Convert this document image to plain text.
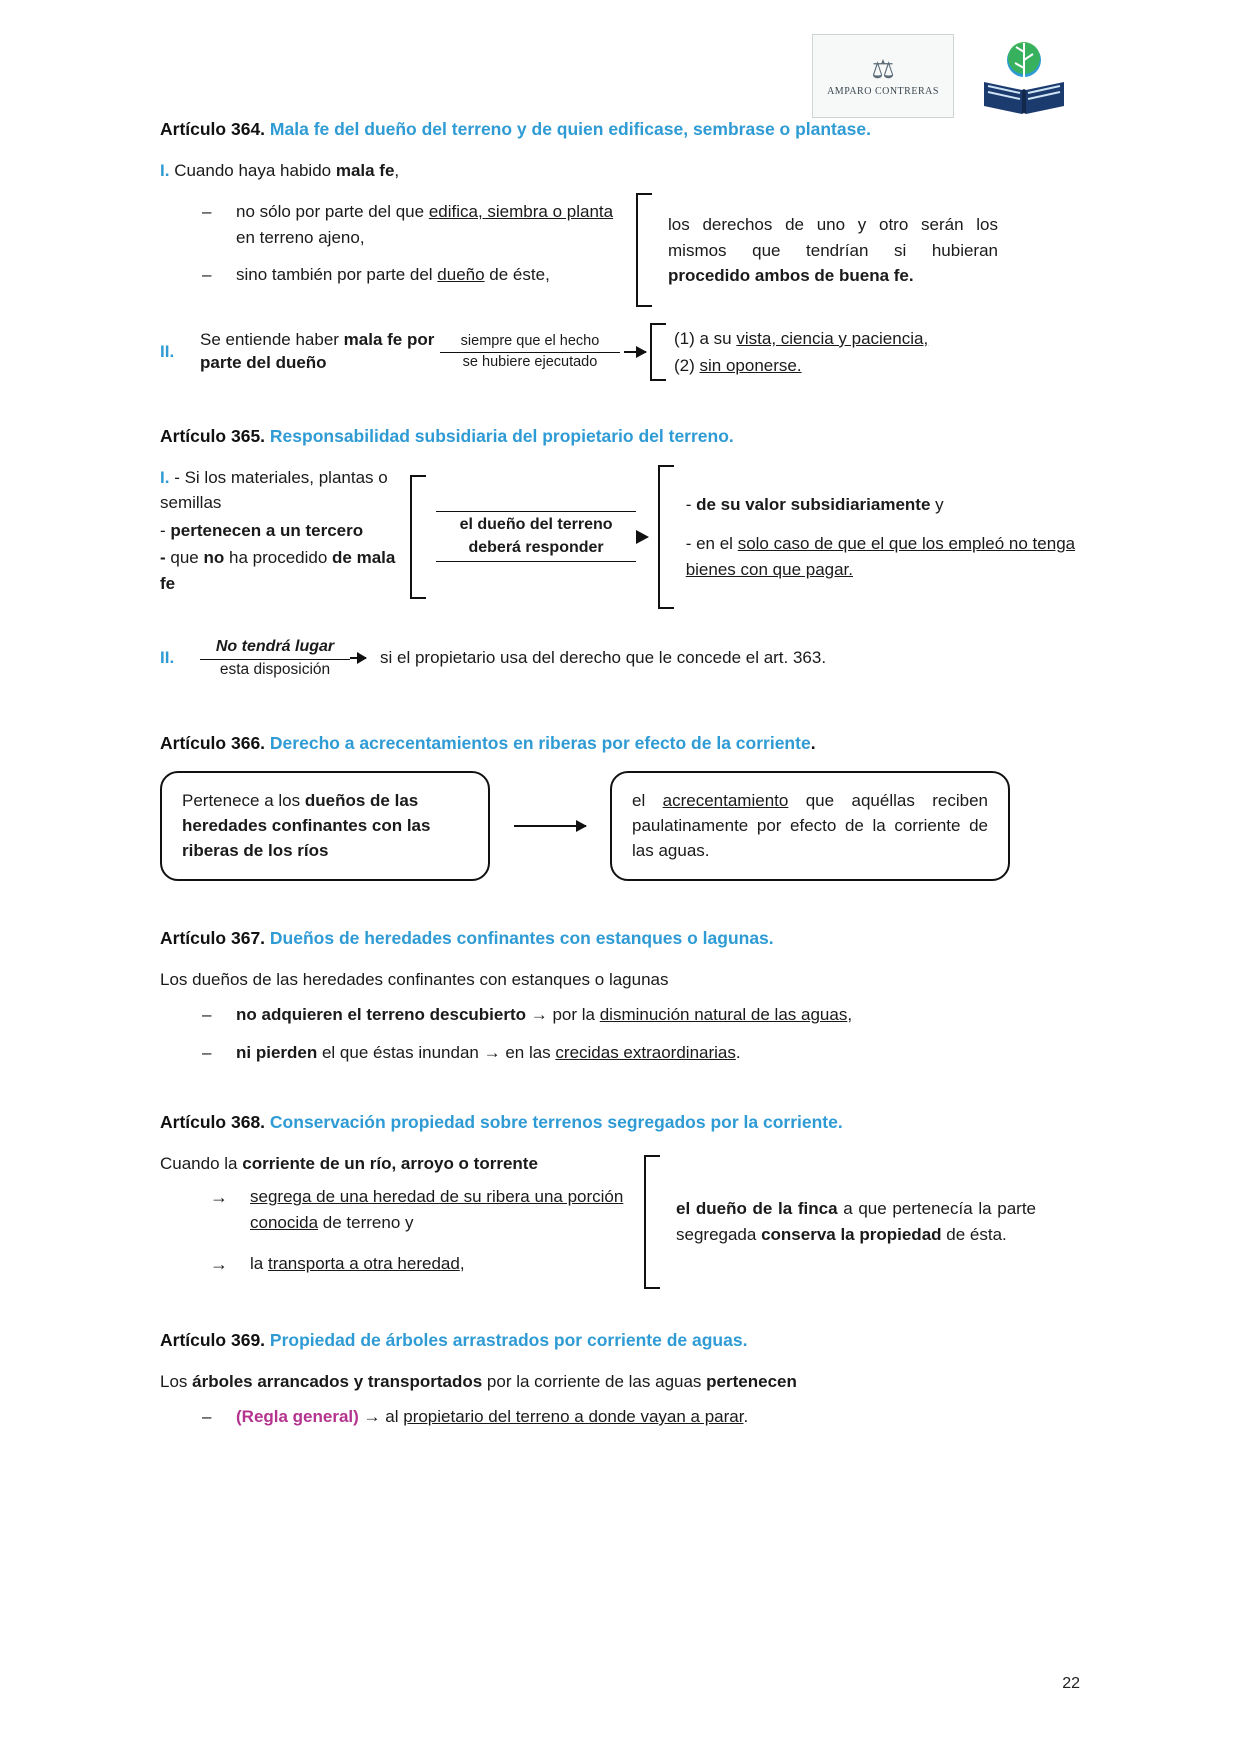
⚖
AMPARO CONTRERAS

Artículo 364. Mala fe del dueño del terreno y de quien edificase, sembrase o plantase.

I. Cuando haya habido mala fe,

– no sólo por parte del que edifica, siembra o planta en terreno ajeno,
– sino también por parte del dueño de éste,
los derechos de uno y otro serán los mismos que tendrían si hubieran procedido ambos de buena fe.
II.
Se entiende haber mala fe por parte del dueño
siempre que el hecho
se hubiere ejecutado
(1) a su vista, ciencia y paciencia,
(2) sin oponerse.

Artículo 365. Responsabilidad subsidiaria del propietario del terreno.

I. - Si los materiales, plantas o semillas

- pertenecen a un tercero

- que no ha procedido de mala fe

el dueño del terreno
deberá responder

- de su valor subsidiariamente y

- en el solo caso de que el que los empleó no tenga bienes con que pagar.

II.
No tendrá lugar
esta disposición
si el propietario usa del derecho que le concede el art. 363.

Artículo 366. Derecho a acrecentamientos en riberas por efecto de la corriente.

Pertenece a los dueños de las heredades confinantes con las riberas de los ríos
el acrecentamiento que aquéllas reciben paulatinamente por efecto de la corriente de las aguas.

Artículo 367. Dueños de heredades confinantes con estanques o lagunas.

Los dueños de las heredades confinantes con estanques o lagunas

– no adquieren el terreno descubierto → por la disminución natural de las aguas,
– ni pierden el que éstas inundan → en las crecidas extraordinarias.

Artículo 368. Conservación propiedad sobre terrenos segregados por la corriente.

Cuando la corriente de un río, arroyo o torrente

→ segrega de una heredad de su ribera una porción conocida de terreno y
→ la transporta a otra heredad,
el dueño de la finca a que pertenecía la parte segregada conserva la propiedad de ésta.

Artículo 369. Propiedad de árboles arrastrados por corriente de aguas.

Los árboles arrancados y transportados por la corriente de las aguas pertenecen

– (Regla general) → al propietario del terreno a donde vayan a parar.
22
